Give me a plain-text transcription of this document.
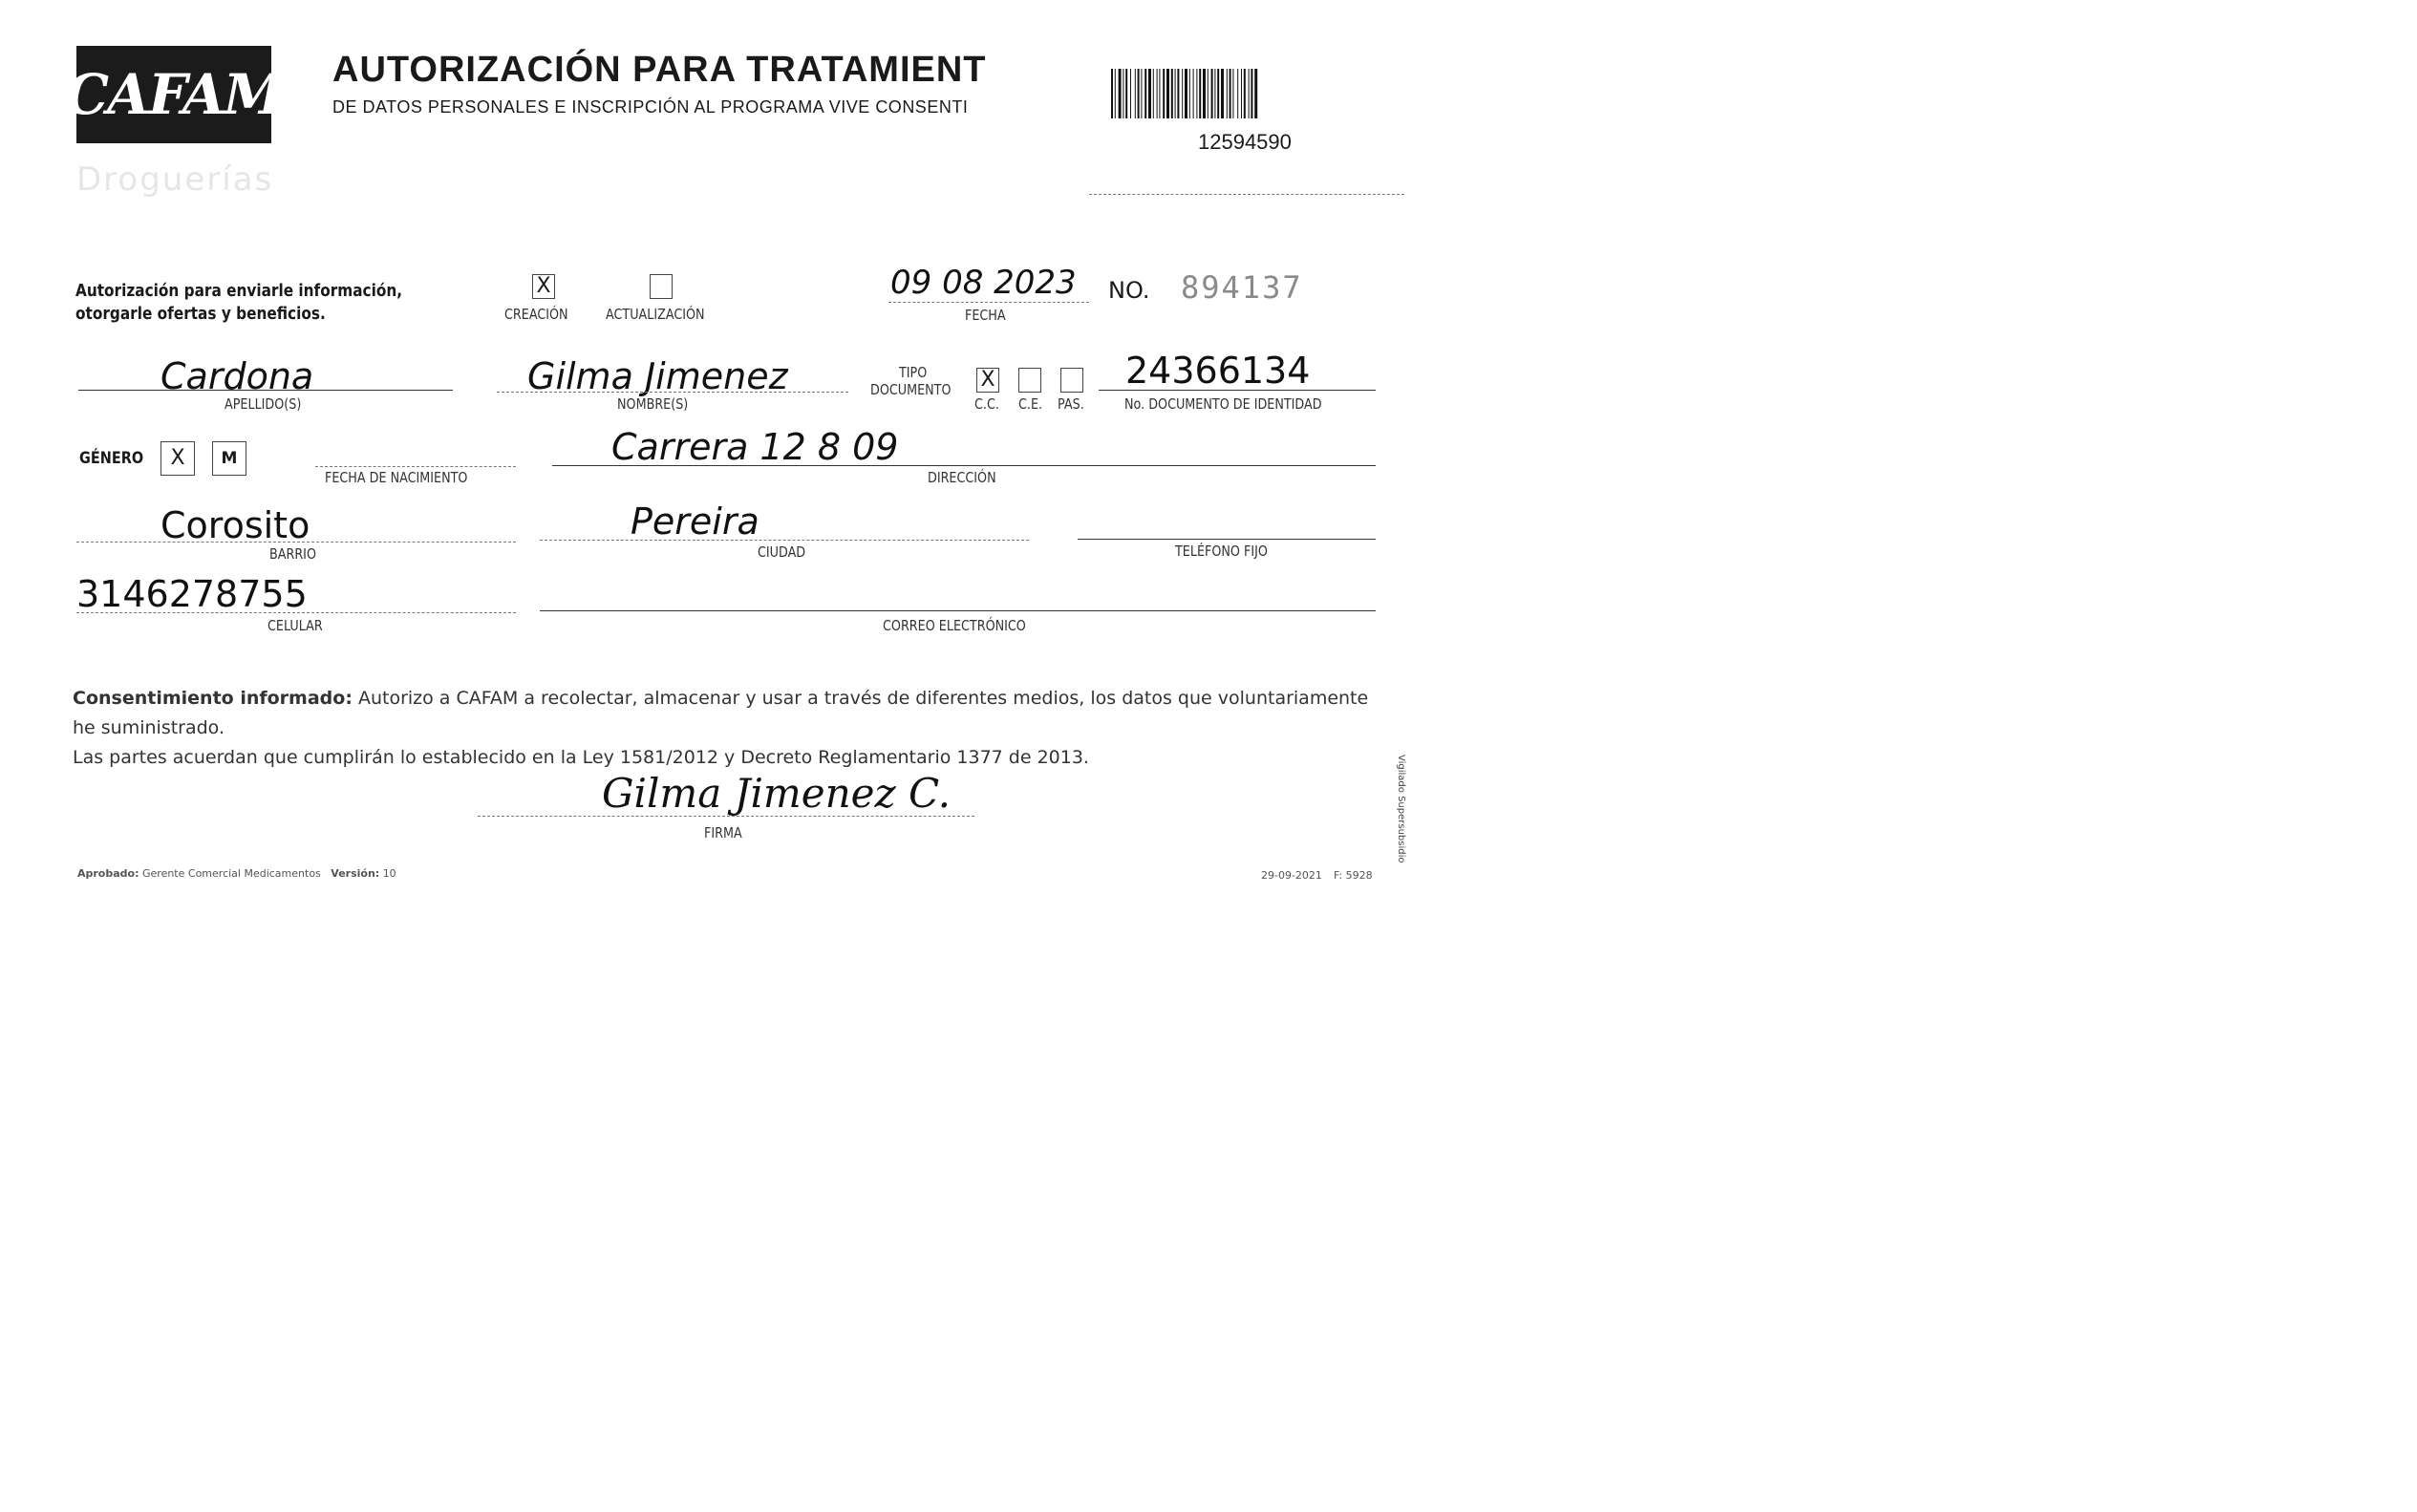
CAFAM
Droguerías
AUTORIZACIÓN PARA TRATAMIENT
DE DATOS PERSONALES E INSCRIPCIÓN AL PROGRAMA VIVE CONSENTI
12594590
Autorización para enviarle información,
otorgarle ofertas y beneficios.
X
CREACIÓN	ACTUALIZACIÓN
09 08 2023
FECHA
NO. 894137
Cardona
APELLIDO(S)
Gilma Jimenez
NOMBRE(S)
TIPO
DOCUMENTO X
C.C. C.E. PAS.
24366134
No. DOCUMENTO DE IDENTIDAD
GÉNERO	X	M
FECHA DE NACIMIENTO
Carrera 12 8 09
DIRECCIÓN
Corosito
BARRIO
Pereira
CIUDAD	TELÉFONO FIJO
3146278755
CELULAR	CORREO ELECTRÓNICO
Consentimiento informado: Autorizo a CAFAM a recolectar, almacenar y usar a través de diferentes medios, los datos que voluntariamente he suministrado.
Las partes acuerdan que cumplirán lo establecido en la Ley 1581/2012 y Decreto Reglamentario 1377 de 2013.
Gilma Jimenez C.
FIRMA
Aprobado: Gerente Comercial Medicamentos Versión: 10	29-09-2021 F: 5928
Vigilado Supersubsidio
